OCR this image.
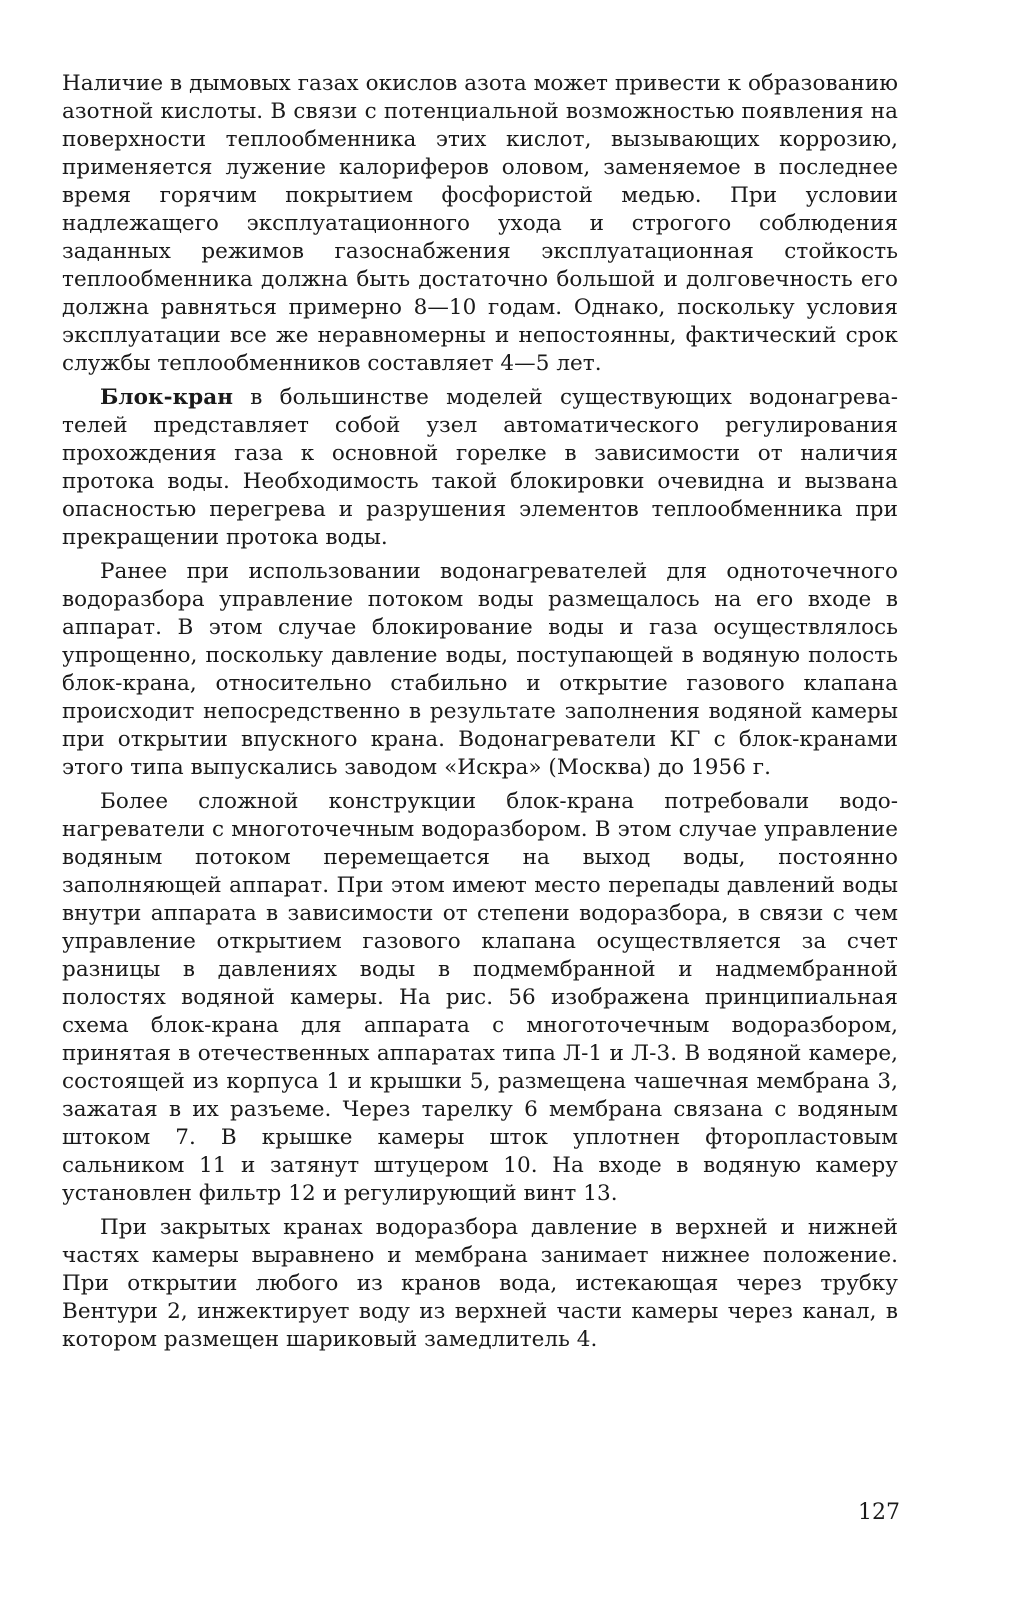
Наличие в дымовых газах окислов азота может привести к образованию азотной кислоты. В связи с потенциальной возможностью появления на поверхности теплообменника этих кислот, вызывающих коррозию, применяется лужение калориферов оловом, заменяемое в последнее время горячим покрытием фосфористой медью. При условии надлежащего эксплуатационного ухода и строгого соблюдения заданных режимов газоснабжения эксплуатационная стойкость теплообменника должна быть достаточно большой и долговечность его должна равняться примерно 8—10 годам. Однако, поскольку условия эксплуатации все же неравномерны и непостоянны, фактический срок службы теплообменников составляет 4—5 лет.

Блок-кран в большинстве моделей существующих водонагревателей представляет собой узел автоматического регулирования прохождения газа к основной горелке в зависимости от наличия протока воды. Необходимость такой блокировки очевидна и вызвана опасностью перегрева и разрушения элементов теплообменника при прекращении протока воды.

Ранее при использовании водонагревателей для одноточечного водоразбора управление потоком воды размещалось на его входе в аппарат. В этом случае блокирование воды и газа осуществлялось упрощенно, поскольку давление воды, поступающей в водяную полость блок-крана, относительно стабильно и открытие газового клапана происходит непосредственно в результате заполнения водяной камеры при открытии впускного крана. Водонагреватели КГ с блок-кранами этого типа выпускались заводом «Искра» (Москва) до 1956 г.

Более сложной конструкции блок-крана потребовали водонагреватели с многоточечным водоразбором. В этом случае управление водяным потоком перемещается на выход воды, постоянно заполняющей аппарат. При этом имеют место перепады давлений воды внутри аппарата в зависимости от степени водоразбора, в связи с чем управление открытием газового клапана осуществляется за счет разницы в давлениях воды в подмембранной и надмембранной полостях водяной камеры. На рис. 56 изображена принципиальная схема блок-крана для аппарата с многоточечным водоразбором, принятая в отечественных аппаратах типа Л-1 и Л-3. В водяной камере, состоящей из корпуса 1 и крышки 5, размещена чашечная мембрана 3, зажатая в их разъеме. Через тарелку 6 мембрана связана с водяным штоком 7. В крышке камеры шток уплотнен фторопластовым сальником 11 и затянут штуцером 10. На входе в водяную камеру установлен фильтр 12 и регулирующий винт 13.

При закрытых кранах водоразбора давление в верхней и нижней частях камеры выравнено и мембрана занимает нижнее положение. При открытии любого из кранов вода, истекающая через трубку Вентури 2, инжектирует воду из верхней части камеры через канал, в котором размещен шариковый замедлитель 4.

127
